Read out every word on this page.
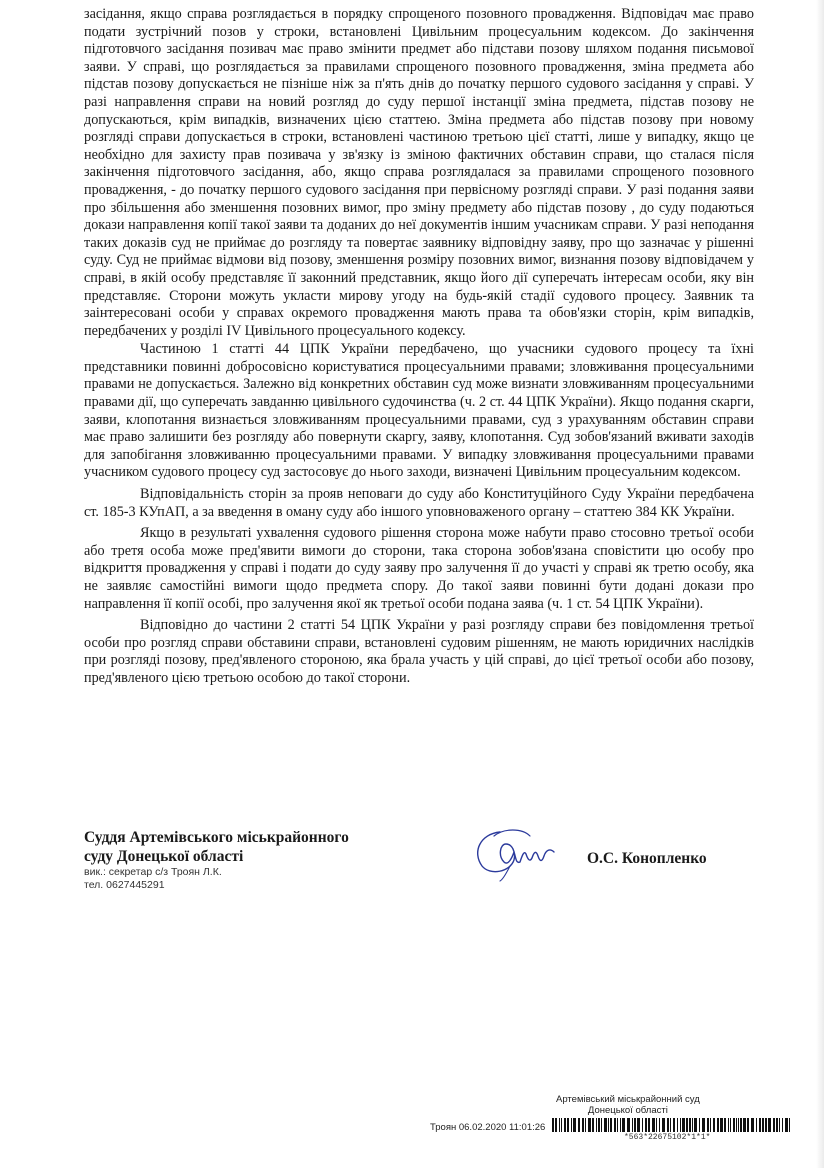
засідання, якщо справа розглядається в порядку спрощеного позовного провадження. Відповідач має право подати зустрічний позов у строки, встановлені Цивільним процесуальним кодексом. До закінчення підготовчого засідання позивач має право змінити предмет або підстави позову шляхом подання письмової заяви. У справі, що розглядається за правилами спрощеного позовного провадження, зміна предмета або підстав позову допускається не пізніше ніж за п'ять днів до початку першого судового засідання у справі. У разі направлення справи на новий розгляд до суду першої інстанції зміна предмета, підстав позову не допускаються, крім випадків, визначених цією статтею. Зміна предмета або підстав позову при новому розгляді справи допускається в строки, встановлені частиною третьою цієї статті, лише у випадку, якщо це необхідно для захисту прав позивача у зв'язку із зміною фактичних обставин справи, що сталася після закінчення підготовчого засідання, або, якщо справа розглядалася за правилами спрощеного позовного провадження, - до початку першого судового засідання при первісному розгляді справи. У разі подання заяви про збільшення або зменшення позовних вимог, про зміну предмету або підстав позову , до суду подаються докази направлення копії такої заяви та доданих до неї документів іншим учасникам справи. У разі неподання таких доказів суд не приймає до розгляду та повертає заявнику відповідну заяву, про що зазначає у рішенні суду. Суд не приймає відмови від позову, зменшення розміру позовних вимог, визнання позову відповідачем у справі, в якій особу представляє її законний представник, якщо його дії суперечать інтересам особи, яку він представляє. Сторони можуть укласти мирову угоду на будь-якій стадії судового процесу. Заявник та заінтересовані особи у справах окремого провадження мають права та обов'язки сторін, крім випадків, передбачених у розділі IV Цивільного процесуального кодексу.

Частиною 1 статті 44 ЦПК України передбачено, що учасники судового процесу та їхні представники повинні добросовісно користуватися процесуальними правами; зловживання процесуальними правами не допускається. Залежно від конкретних обставин суд може визнати зловживанням процесуальними правами дії, що суперечать завданню цивільного судочинства (ч. 2 ст. 44 ЦПК України). Якщо подання скарги, заяви, клопотання визнається зловживанням процесуальними правами, суд з урахуванням обставин справи має право залишити без розгляду або повернути скаргу, заяву, клопотання. Суд зобов'язаний вживати заходів для запобігання зловживанню процесуальними правами. У випадку зловживання процесуальними правами учасником судового процесу суд застосовує до нього заходи, визначені Цивільним процесуальним кодексом.

Відповідальність сторін за прояв неповаги до суду або Конституційного Суду України передбачена ст. 185-3 КУпАП, а за введення в оману суду або іншого уповноваженого органу – статтею 384 КК України.

Якщо в результаті ухвалення судового рішення сторона може набути право стосовно третьої особи або третя особа може пред'явити вимоги до сторони, така сторона зобов'язана сповістити цю особу про відкриття провадження у справі і подати до суду заяву про залучення її до участі у справі як третю особу, яка не заявляє самостійні вимоги щодо предмета спору. До такої заяви повинні бути додані докази про направлення її копії особі, про залучення якої як третьої особи подана заява (ч. 1 ст. 54 ЦПК України).

Відповідно до частини 2 статті 54 ЦПК України у разі розгляду справи без повідомлення третьої особи про розгляд справи обставини справи, встановлені судовим рішенням, не мають юридичних наслідків при розгляді позову, пред'явленого стороною, яка брала участь у цій справі, до цієї третьої особи або позову, пред'явленого цією третьою особою до такої сторони.

Суддя Артемівського міськрайонного
суду Донецької області
вик.: секретар с/з Троян Л.К.
тел. 0627445291
О.С. Конопленко
Артемівський міськрайонний суд
Донецької області
Троян 06.02.2020 11:01:26
*563*22675102*1*1*
